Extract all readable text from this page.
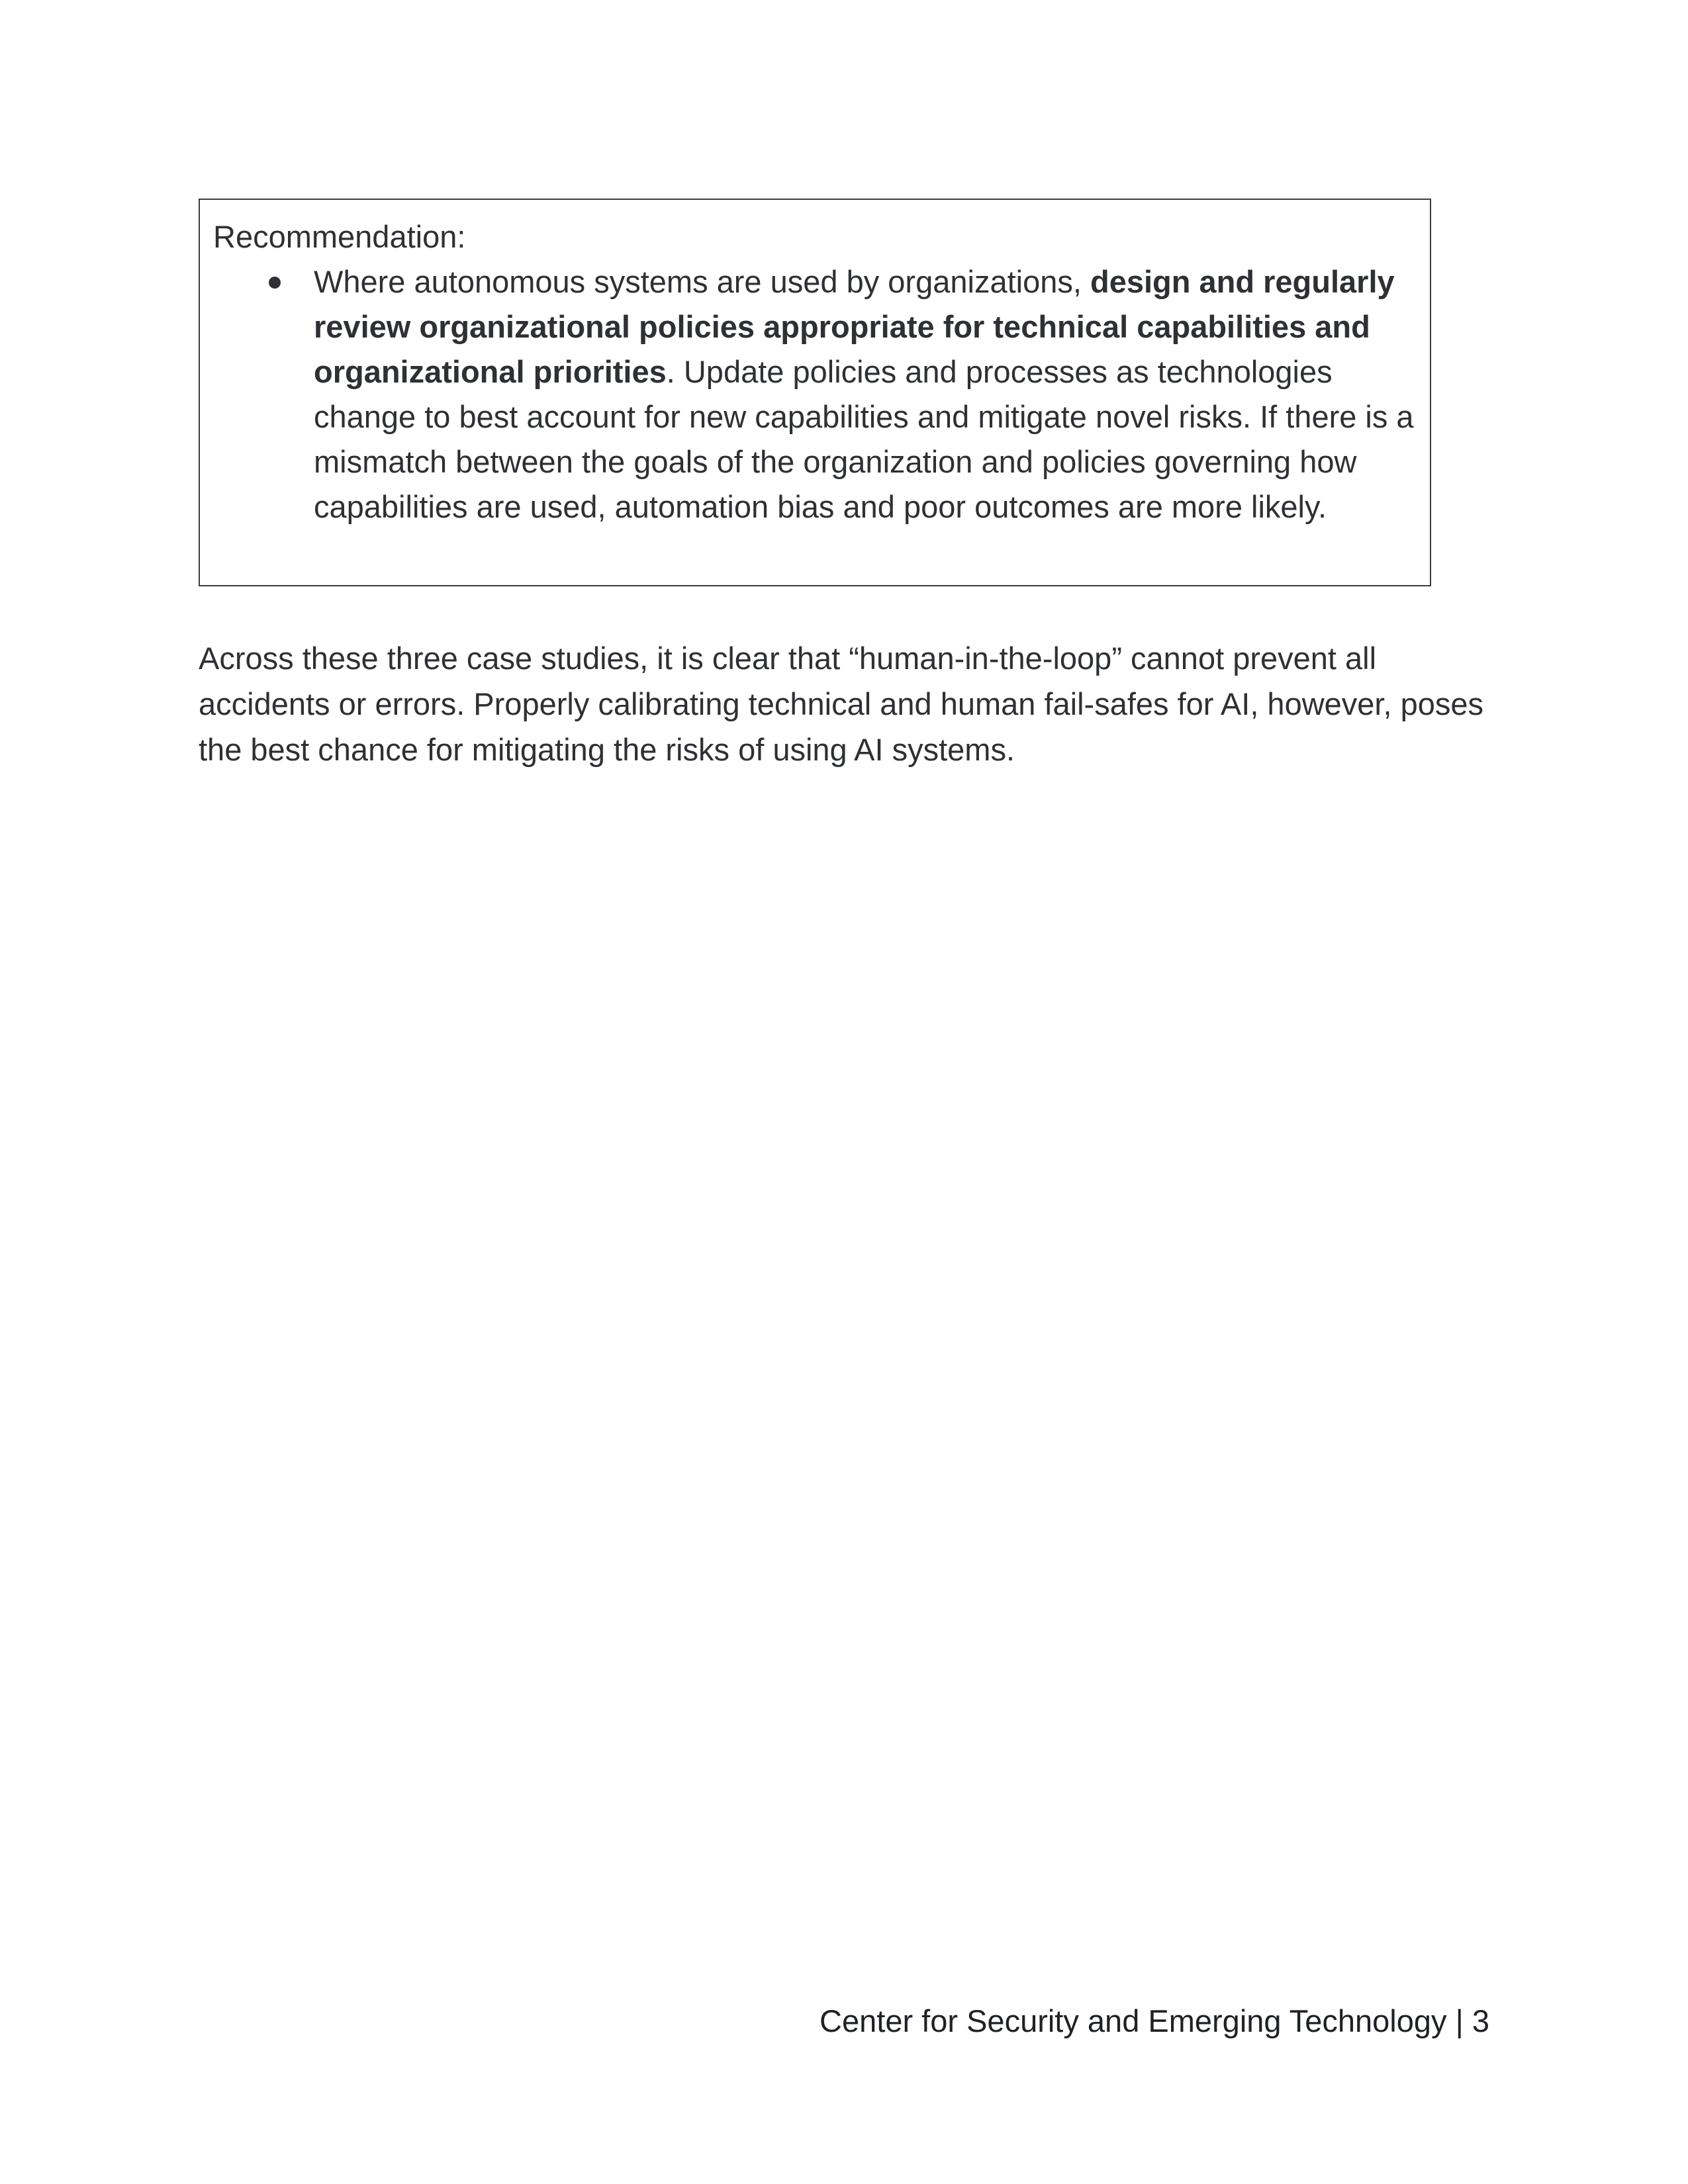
Recommendation:

Where autonomous systems are used by organizations, design and regularly review organizational policies appropriate for technical capabilities and organizational priorities. Update policies and processes as technologies change to best account for new capabilities and mitigate novel risks. If there is a mismatch between the goals of the organization and policies governing how capabilities are used, automation bias and poor outcomes are more likely.

Across these three case studies, it is clear that “human-in-the-loop” cannot prevent all accidents or errors. Properly calibrating technical and human fail-safes for AI, however, poses the best chance for mitigating the risks of using AI systems.

Center for Security and Emerging Technology | 3
